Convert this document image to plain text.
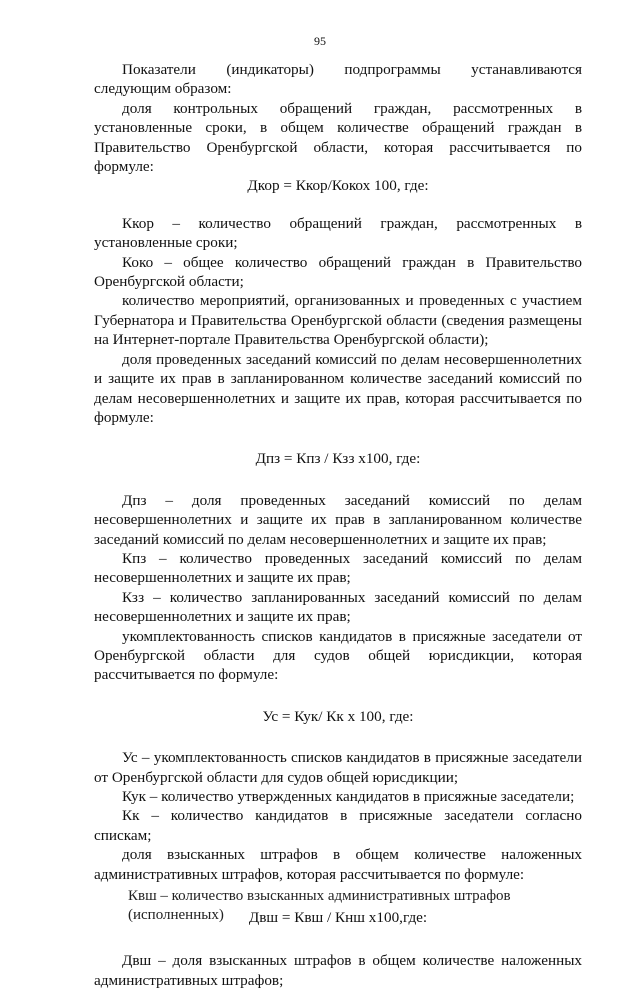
95

Показатели (индикаторы) подпрограммы устанавливаются следующим образом:

доля контрольных обращений граждан, рассмотренных в установленные сроки, в общем количестве обращений граждан в Правительство Оренбургской области, которая рассчитывается по формуле:

Дкор = Ккор/Кокох 100, где:

Ккор – количество обращений граждан, рассмотренных в установленные сроки;

Коко – общее количество обращений граждан в Правительство Оренбургской области;

количество мероприятий, организованных и проведенных с участием Губернатора и Правительства Оренбургской области (сведения размещены на Интернет-портале Правительства Оренбургской области);

доля проведенных заседаний комиссий по делам несовершеннолетних и защите их прав в запланированном количестве заседаний комиссий по делам несовершеннолетних и защите их прав, которая рассчитывается по формуле:

Дпз = Кпз / Кзз х100, где:

Дпз – доля проведенных заседаний комиссий по делам несовершеннолетних и защите их прав в запланированном количестве заседаний комиссий по делам несовершеннолетних и защите их прав;

Кпз – количество проведенных заседаний комиссий по делам несовершеннолетних и защите их прав;

Кзз – количество запланированных заседаний комиссий по делам несовершеннолетних и защите их прав;

укомплектованность списков кандидатов в присяжные заседатели от Оренбургской области для судов общей юрисдикции, которая рассчитывается по формуле:

Ус = Кук/ Кк х 100, где:

Ус – укомплектованность списков кандидатов в присяжные заседатели от Оренбургской области для судов общей юрисдикции;

Кук – количество утвержденных кандидатов в присяжные заседатели;

Кк – количество кандидатов в присяжные заседатели согласно спискам;

доля взысканных штрафов в общем количестве наложенных административных штрафов, которая рассчитывается по формуле:

Двш = Квш / Кнш х100,где:

Двш – доля взысканных штрафов в общем количестве наложенных административных штрафов;

Квш – количество взысканных административных штрафов (исполненных)
